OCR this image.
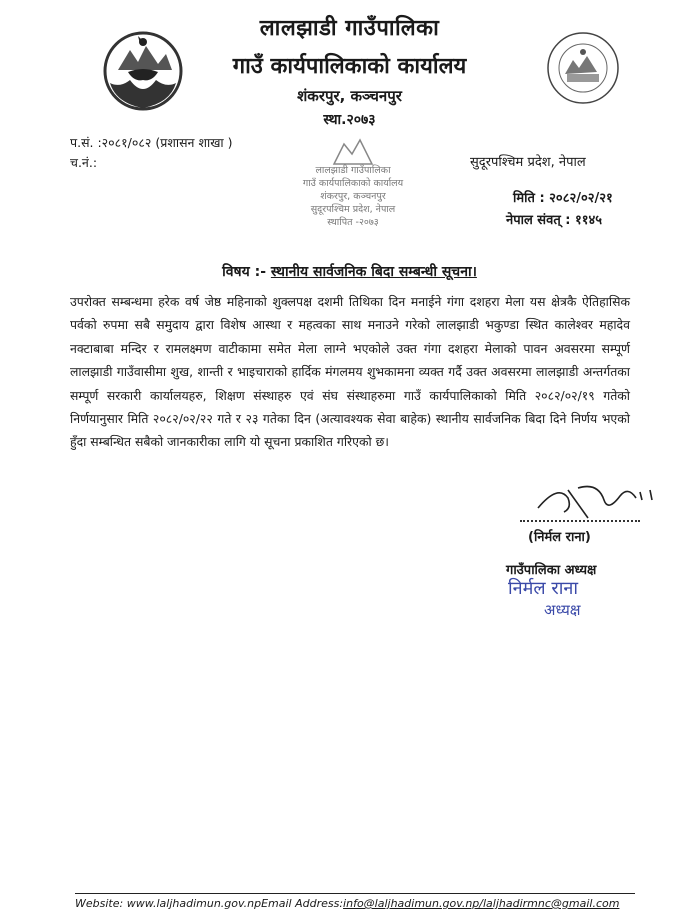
लालझाडी गाउँपालिका
गाउँ कार्यपालिकाको कार्यालय
शंकरपुर, कञ्चनपुर
स्था.२०७३
प.सं. :२०८१/०८२ (प्रशासन शाखा )
च.नं.:	सुदूरपश्चिम प्रदेश, नेपाल
लालझाडी गाउँपालिका
गाउँ कार्यपालिकाको कार्यालय
शंकरपुर, कञ्चनपुर
सुदूरपश्चिम प्रदेश, नेपाल
स्थापित -२०७३
मिति : २०८२/०२/२१
नेपाल संवत् : ११४५
विषय :- स्थानीय सार्वजनिक बिदा सम्बन्धी सूचना।
उपरोक्त सम्बन्धमा हरेक वर्ष जेष्ठ महिनाको शुक्लपक्ष दशमी तिथिका दिन मनाईने गंगा दशहरा मेला यस क्षेत्रकै ऐतिहासिक पर्वको रुपमा सबै समुदाय द्वारा विशेष आस्था र महत्वका साथ मनाउने गरेको लालझाडी भकुण्डा स्थित कालेश्वर महादेव नक्टाबाबा मन्दिर र रामलक्ष्मण वाटीकामा समेत मेला लाग्ने भएकोले उक्त गंगा दशहरा मेलाको पावन अवसरमा सम्पूर्ण लालझाडी गाउँवासीमा शुख, शान्ती र भाइचाराको हार्दिक मंगलमय शुभकामना व्यक्त गर्दै उक्त अवसरमा लालझाडी अन्तर्गतका सम्पूर्ण सरकारी कार्यालयहरु, शिक्षण संस्थाहरु एवं संघ संस्थाहरुमा गाउँ कार्यपालिकाको मिति २०८२/०२/१९ गतेको निर्णयानुसार मिति २०८२/०२/२२ गते र २३ गतेका दिन (अत्यावश्यक सेवा बाहेक) स्थानीय सार्वजनिक बिदा दिने निर्णय भएको हुँदा सम्बन्धित सबैको जानकारीका लागि यो सूचना प्रकाशित गरिएको छ।
(निर्मल राना)
गाउँपालिका अध्यक्ष
निर्मल राना
अध्यक्ष
Website: www.laljhadimun.gov.npEmail Address:info@laljhadimun.gov.np/laljhadirmnc@gmail.com
